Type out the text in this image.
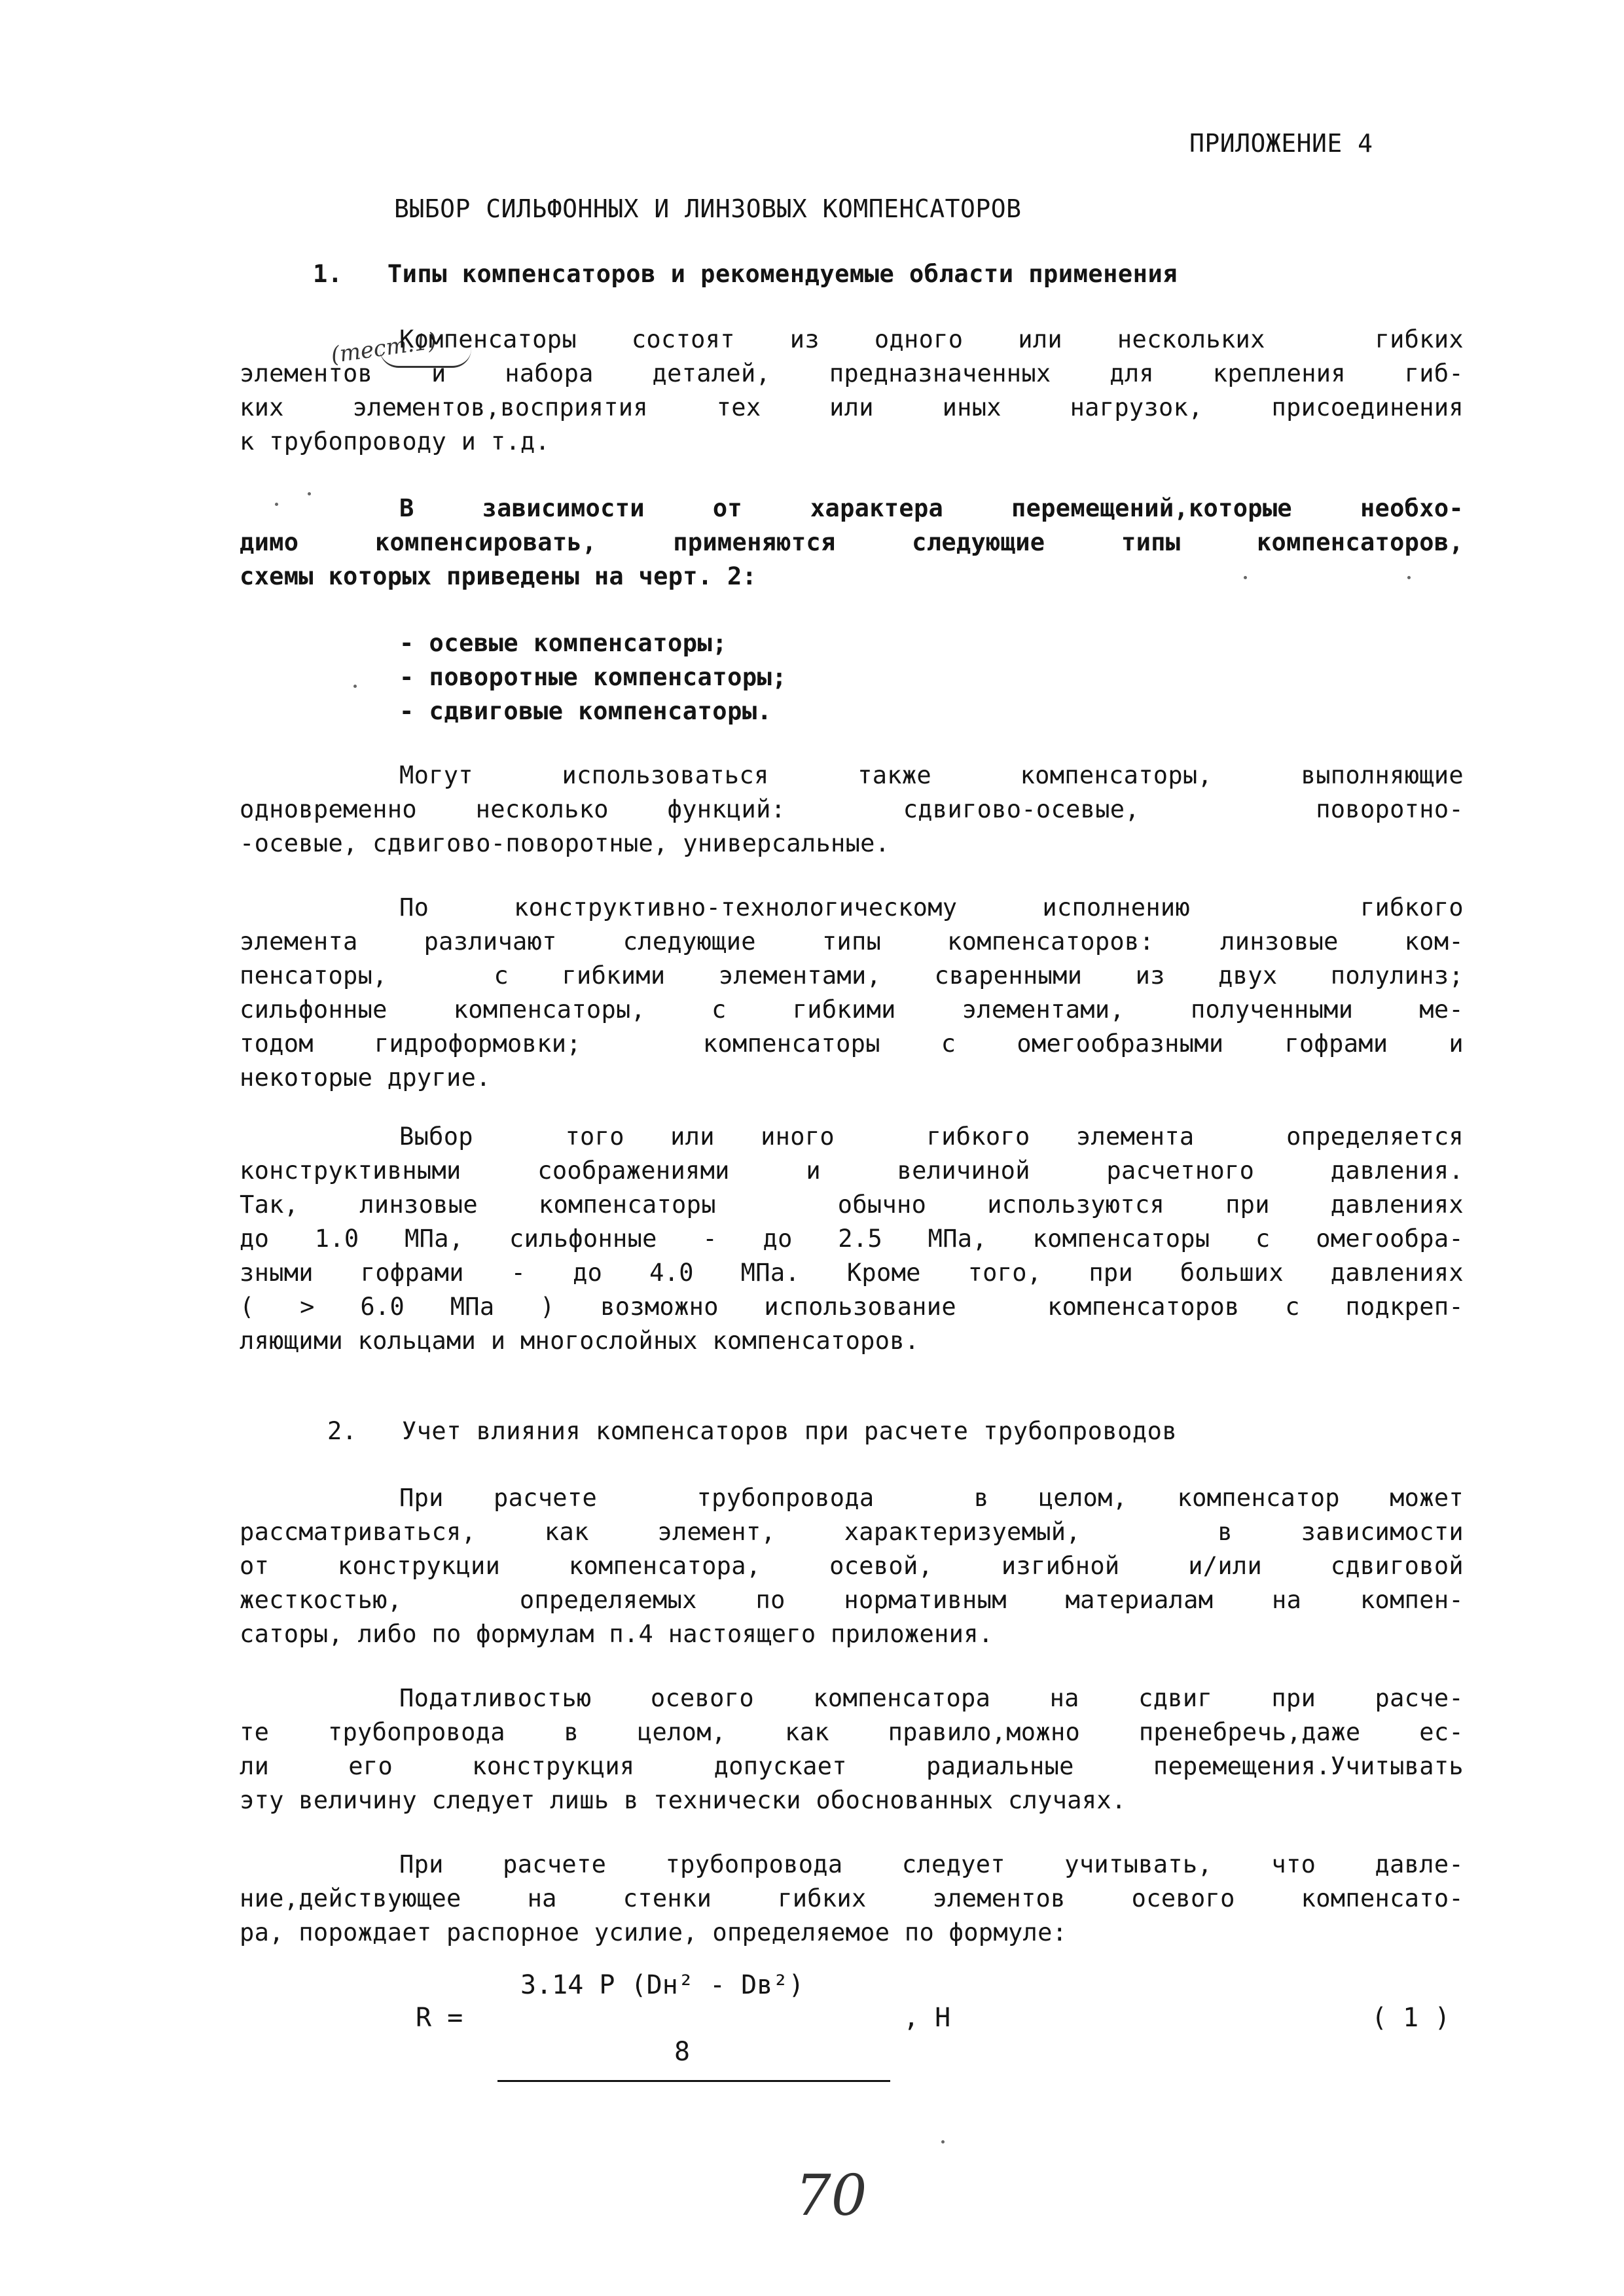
ПРИЛОЖЕНИЕ 4
ВЫБОР СИЛЬФОННЫХ И ЛИНЗОВЫХ КОМПЕНСАТОРОВ
1.   Типы компенсаторов и рекомендуемые области применения
(тест.1)
Компенсаторы состоят из одного или нескольких  гибких
элементов и набора деталей, предназначенных для крепления гиб-
ких элементов,восприятия тех или иных нагрузок, присоединения
к трубопроводу и т.д.
В зависимости от характера перемещений,которые необхо-
димо компенсировать, применяются следующие типы компенсаторов,
схемы которых приведены на черт. 2:
- осевые компенсаторы;
- поворотные компенсаторы;
- сдвиговые компенсаторы.
Могут использоваться также компенсаторы, выполняющие
одновременно несколько функций:  сдвигово-осевые,   поворотно-
-осевые, сдвигово-поворотные, универсальные.
По конструктивно-технологическому исполнению  гибкого
элемента различают следующие типы компенсаторов: линзовые ком-
пенсаторы,  с гибкими элементами, сваренными из двух полулинз;
сильфонные компенсаторы, с гибкими элементами, полученными ме-
тодом гидроформовки;  компенсаторы с омегообразными гофрами и
некоторые другие.
Выбор  того или иного  гибкого элемента  определяется
конструктивными соображениями и величиной расчетного давления.
Так, линзовые компенсаторы  обычно используются при давлениях
до 1.0 МПа, сильфонные - до 2.5 МПа, компенсаторы с омегообра-
зными гофрами - до 4.0 МПа. Кроме того, при больших давлениях
( > 6.0 МПа ) возможно использование  компенсаторов с подкреп-
ляющими кольцами и многослойных компенсаторов.
2.   Учет влияния компенсаторов при расчете трубопроводов
При расчете  трубопровода  в целом, компенсатор может
рассматриваться, как элемент, характеризуемый,  в зависимости
от конструкции компенсатора, осевой, изгибной и/или сдвиговой
жесткостью,  определяемых по нормативным материалам на компен-
саторы, либо по формулам п.4 настоящего приложения.
Податливостью осевого компенсатора на сдвиг при расче-
те трубопровода в целом, как правило,можно пренебречь,даже ес-
ли его конструкция допускает радиальные перемещения.Учитывать
эту величину следует лишь в технически обоснованных случаях.
При расчете трубопровода следует учитывать, что давле-
ние,действующее на стенки гибких элементов осевого компенсато-
ра, порождает распорное усилие, определяемое по формуле:
R =
3.14 P (Dн² - Dв²)
8
, Н	( 1 )
70
